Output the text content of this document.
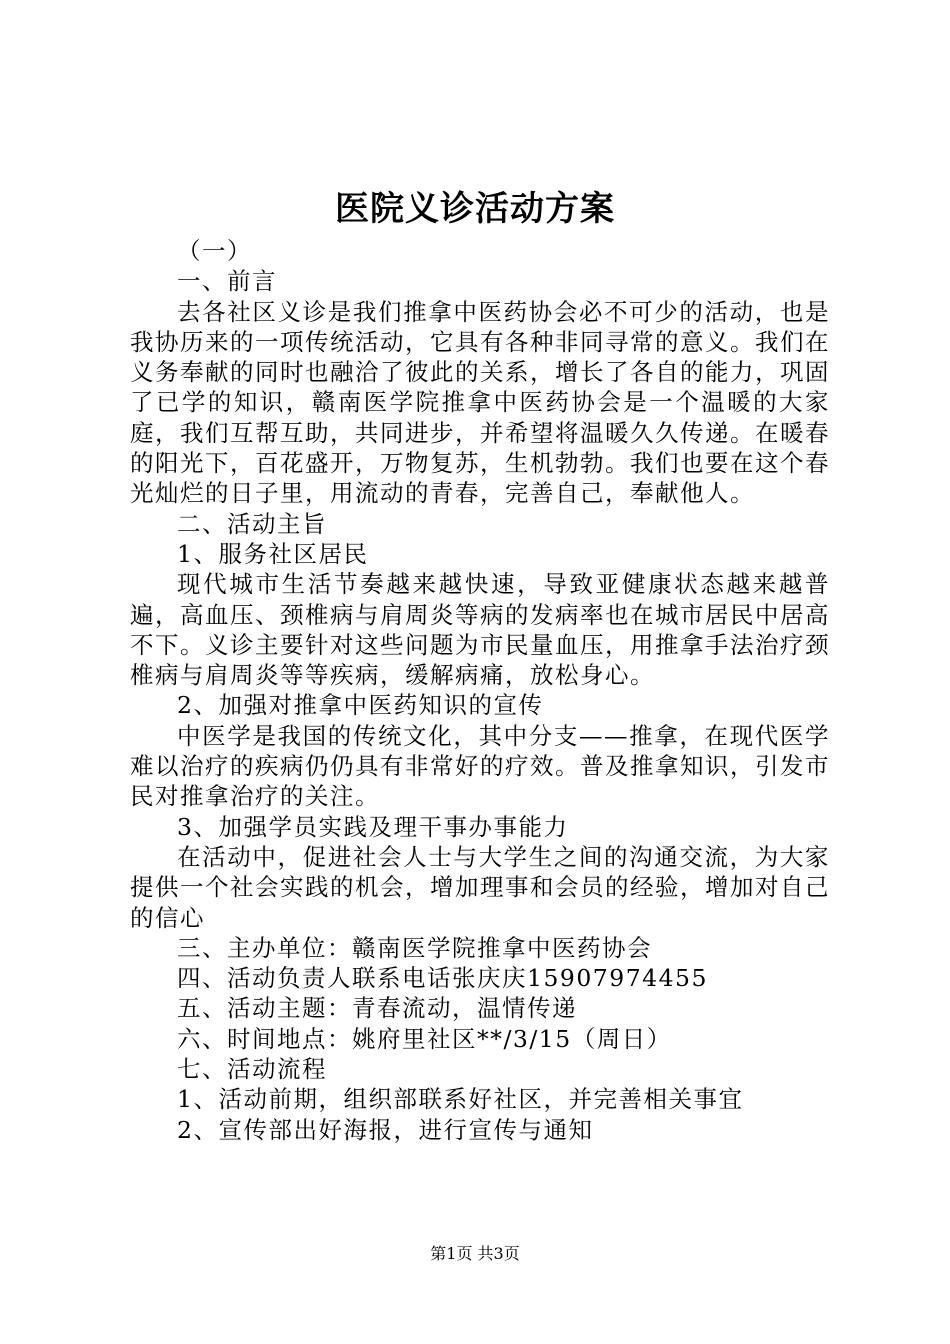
医院义诊活动方案

（一）

一、前言

去各社区义诊是我们推拿中医药协会必不可少的活动，也是我协历来的一项传统活动，它具有各种非同寻常的意义。我们在义务奉献的同时也融洽了彼此的关系，增长了各自的能力，巩固了已学的知识，赣南医学院推拿中医药协会是一个温暖的大家庭，我们互帮互助，共同进步，并希望将温暖久久传递。在暖春的阳光下，百花盛开，万物复苏，生机勃勃。我们也要在这个春光灿烂的日子里，用流动的青春，完善自己，奉献他人。

二、活动主旨

1、服务社区居民

现代城市生活节奏越来越快速，导致亚健康状态越来越普遍，高血压、颈椎病与肩周炎等病的发病率也在城市居民中居高不下。义诊主要针对这些问题为市民量血压，用推拿手法治疗颈椎病与肩周炎等等疾病，缓解病痛，放松身心。

2、加强对推拿中医药知识的宣传

中医学是我国的传统文化，其中分支——推拿，在现代医学难以治疗的疾病仍仍具有非常好的疗效。普及推拿知识，引发市民对推拿治疗的关注。

3、加强学员实践及理干事办事能力

在活动中，促进社会人士与大学生之间的沟通交流，为大家提供一个社会实践的机会，增加理事和会员的经验，增加对自己的信心

三、主办单位：赣南医学院推拿中医药协会

四、活动负责人联系电话张庆庆15907974455

五、活动主题：青春流动，温情传递

六、时间地点：姚府里社区**/3/15（周日）

七、活动流程

1、活动前期，组织部联系好社区，并完善相关事宜

2、宣传部出好海报，进行宣传与通知

第1页 共3页
